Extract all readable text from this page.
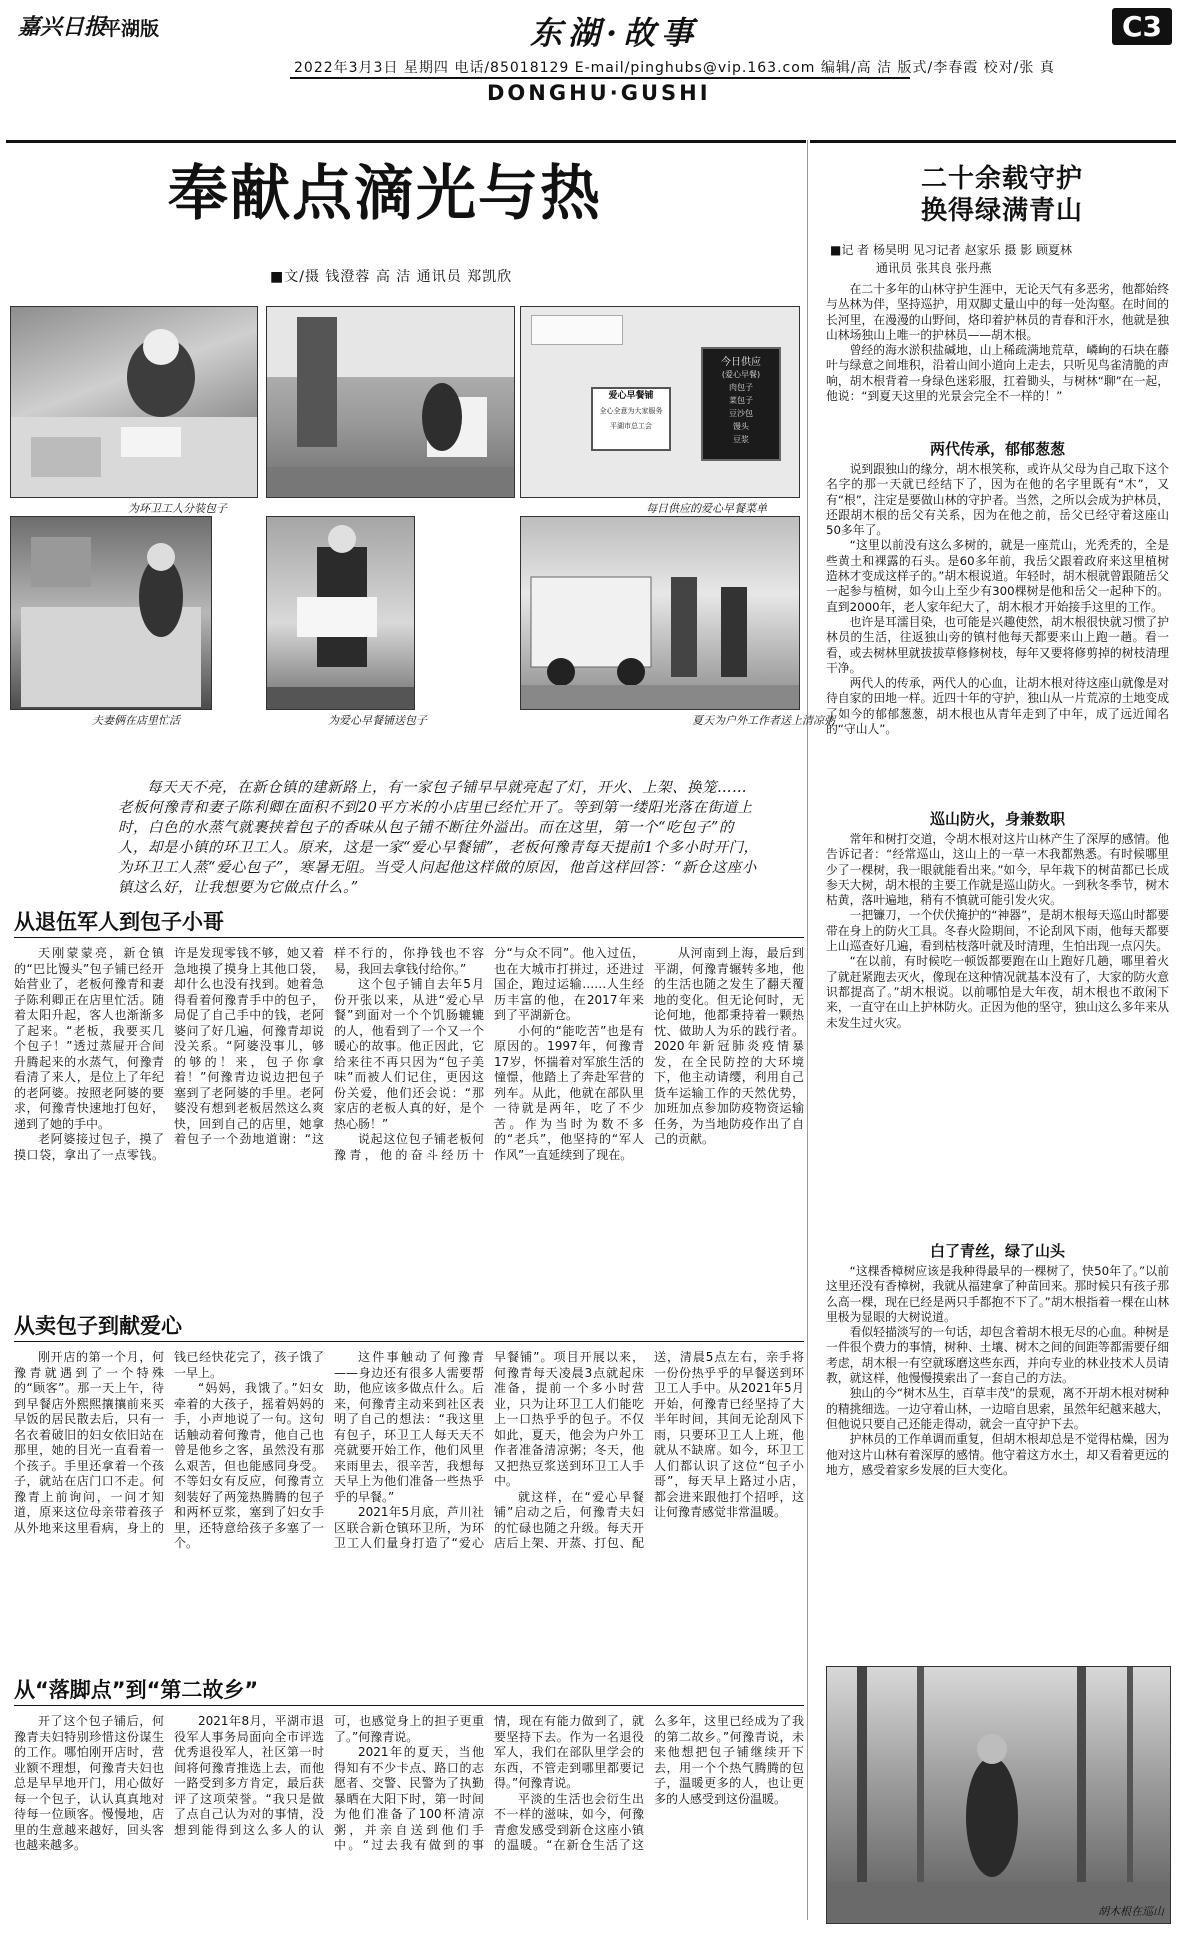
嘉兴日报
平湖版	东湖·故事	C3
2022年3月3日 星期四 电话/85018129 E-mail/pinghubs@vip.163.com 编辑/高 洁 版式/李春霞 校对/张 真
DONGHU·GUSHI
奉献点滴光与热
■文/摄 钱澄蓉 高 洁 通讯员 郑凯欣
为环卫工人分装包子
今日供应
(爱心早餐)
肉包子
菜包子
豆沙包
馒头
豆浆
爱心早餐铺
全心全意为大家服务
平湖市总工会
每日供应的爱心早餐菜单
夫妻俩在店里忙活	为爱心早餐铺送包子	夏天为户外工作者送上清凉粥
每天天不亮，在新仓镇的建新路上，有一家包子铺早早就亮起了灯，开火、上架、换笼……老板何豫青和妻子陈利卿在面积不到20平方米的小店里已经忙开了。等到第一缕阳光落在街道上时，白色的水蒸气就裹挟着包子的香味从包子铺不断往外溢出。而在这里，第一个“吃包子”的人，却是小镇的环卫工人。原来，这是一家“爱心早餐铺”，老板何豫青每天提前1个多小时开门，为环卫工人蒸“爱心包子”，寒暑无阻。当受人问起他这样做的原因，他首这样回答：“新仓这座小镇这么好，让我想要为它做点什么。”
从退伍军人到包子小哥

天刚蒙蒙亮，新仓镇的“巴比馒头”包子铺已经开始营业了，老板何豫青和妻子陈利卿正在店里忙活。随着太阳升起，客人也渐渐多了起来。“老板，我要买几个包子！”透过蒸屉开合间升腾起来的水蒸气，何豫青看清了来人，是位上了年纪的老阿婆。按照老阿婆的要求，何豫青快速地打包好，递到了她的手中。

老阿婆接过包子，摸了摸口袋，拿出了一点零钱。许是发现零钱不够，她又着急地摸了摸身上其他口袋，却什么也没有找到。她着急得看着何豫青手中的包子，局促了自己手中的钱，老阿婆问了好几遍，何豫青却说没关系。“阿婆没事儿，够的够的！来，包子你拿着！”何豫青边说边把包子塞到了老阿婆的手里。老阿婆没有想到老板居然这么爽快，回到自己的店里，她拿着包子一个劲地道谢：“这样不行的，你挣钱也不容易，我回去拿钱付给你。”

这个包子铺自去年5月份开张以来，从进“爱心早餐”到面对一个个饥肠辘辘的人，他看到了一个又一个暖心的故事。他正因此，它给来往不再只因为“包子美味”而被人们记住，更因这份关爱，他们还会说：“那家店的老板人真的好，是个热心肠！”

说起这位包子铺老板何豫青，他的奋斗经历十分“与众不同”。他入过伍，也在大城市打拼过，还进过国企，跑过运输……人生经历丰富的他，在2017年来到了平湖新仓。

小何的“能吃苦”也是有原因的。1997年，何豫青17岁，怀揣着对军旅生活的憧憬，他踏上了奔赴军营的列车。从此，他就在部队里一待就是两年，吃了不少苦。作为当时为数不多的“老兵”，他坚持的“军人作风”一直延续到了现在。

从河南到上海，最后到平湖，何豫青辗转多地，他的生活也随之发生了翻天覆地的变化。但无论何时，无论何地，他都秉持着一颗热忱、做助人为乐的践行者。2020年新冠肺炎疫情暴发，在全民防控的大环境下，他主动请缨，利用自己货车运输工作的天然优势，加班加点参加防疫物资运输任务，为当地防疫作出了自己的贡献。

从卖包子到献爱心

刚开店的第一个月，何豫青就遇到了一个特殊的“顾客”。那一天上午，待到早餐店外熙熙攘攘前来买早饭的居民散去后，只有一名衣着破旧的妇女依旧站在那里，她的目光一直看着一个孩子。手里还拿着一个孩子，就站在店门口不走。何豫青上前询问，一问才知道，原来这位母亲带着孩子从外地来这里看病，身上的钱已经快花完了，孩子饿了一早上。

“妈妈，我饿了。”妇女牵着的大孩子，摇着妈妈的手，小声地说了一句。这句话触动着何豫青，他自己也曾是他乡之客，虽然没有那么艰苦，但也能感同身受。不等妇女有反应，何豫青立刻装好了两笼热腾腾的包子和两杯豆浆，塞到了妇女手里，还特意给孩子多塞了一个。

这件事触动了何豫青——身边还有很多人需要帮助，他应该多做点什么。后来，何豫青主动来到社区表明了自己的想法：“我这里有包子，环卫工人每天天不亮就要开始工作，他们风里来雨里去，很辛苦，我想每天早上为他们准备一些热乎乎的早餐。”

2021年5月底，芦川社区联合新仓镇环卫所，为环卫工人们量身打造了“爱心早餐铺”。项目开展以来，何豫青每天凌晨3点就起床准备，提前一个多小时营业，只为让环卫工人们能吃上一口热乎乎的包子。不仅如此，夏天，他会为户外工作者准备清凉粥；冬天，他又把热豆浆送到环卫工人手中。

就这样，在“爱心早餐铺”启动之后，何豫青夫妇的忙碌也随之升级。每天开店后上架、开蒸、打包、配送，清晨5点左右，亲手将一份份热乎乎的早餐送到环卫工人手中。从2021年5月开始，何豫青已经坚持了大半年时间，其间无论刮风下雨，只要环卫工人上班，他就从不缺席。如今，环卫工人们都认识了这位“包子小哥”，每天早上路过小店，都会进来跟他打个招呼，这让何豫青感觉非常温暖。

从“落脚点”到“第二故乡”

开了这个包子铺后，何豫青夫妇特别珍惜这份谋生的工作。哪怕刚开店时，营业额不理想，何豫青夫妇也总是早早地开门，用心做好每一个包子，认认真真地对待每一位顾客。慢慢地，店里的生意越来越好，回头客也越来越多。

2021年8月，平湖市退役军人事务局面向全市评选优秀退役军人，社区第一时间将何豫青推选上去，而他一路受到多方肯定，最后获评了这项荣誉。“我只是做了点自己认为对的事情，没想到能得到这么多人的认可，也感觉身上的担子更重了。”何豫青说。

2021年的夏天，当他得知有不少卡点、路口的志愿者、交警、民警为了执勤暴晒在大阳下时，第一时间为他们准备了100杯清凉粥，并亲自送到他们手中。“过去我有做到的事情，现在有能力做到了，就要坚持下去。作为一名退役军人，我们在部队里学会的东西，不管走到哪里都要记得。”何豫青说。

平淡的生活也会衍生出不一样的滋味，如今，何豫青愈发感受到新仓这座小镇的温暖。“在新仓生活了这么多年，这里已经成为了我的第二故乡。”何豫青说，未来他想把包子铺继续开下去，用一个个热气腾腾的包子，温暖更多的人，也让更多的人感受到这份温暖。

二十余载守护
换得绿满青山
■记 者 杨昊明 见习记者 赵家乐 摄 影 顾夏林
通讯员 张其良 张丹燕

在二十多年的山林守护生涯中，无论天气有多恶劣，他都始终与丛林为伴，坚持巡护，用双脚丈量山中的每一处沟壑。在时间的长河里，在漫漫的山野间，烙印着护林员的青春和汗水，他就是独山林场独山上唯一的护林员——胡木根。

曾经的海水淤积盐碱地，山上稀疏满地荒草，嶙峋的石块在藤叶与绿意之间堆积，沿着山间小道向上走去，只听见鸟雀清脆的声响，胡木根背着一身绿色迷彩服，扛着锄头，与树林“聊”在一起，他说：“到夏天这里的光景会完全不一样的！”

两代传承，郁郁葱葱

说到跟独山的缘分，胡木根笑称，或许从父母为自己取下这个名字的那一天就已经结下了，因为在他的名字里既有“木”，又有“根”，注定是要做山林的守护者。当然，之所以会成为护林员，还跟胡木根的岳父有关系，因为在他之前，岳父已经守着这座山50多年了。

“这里以前没有这么多树的，就是一座荒山，光秃秃的，全是些黄土和裸露的石头。是60多年前，我岳父跟着政府来这里植树造林才变成这样子的。”胡木根说道。年轻时，胡木根就曾跟随岳父一起参与植树，如今山上至少有300棵树是他和岳父一起种下的。直到2000年，老人家年纪大了，胡木根才开始接手这里的工作。

也许是耳濡目染，也可能是兴趣使然，胡木根很快就习惯了护林员的生活，往返独山旁的镇村他每天都要来山上跑一趟。看一看，或去树林里就拔拔草修修树枝，每年又要将修剪掉的树枝清理干净。

两代人的传承，两代人的心血，让胡木根对待这座山就像是对待自家的田地一样。近四十年的守护，独山从一片荒凉的土地变成了如今的郁郁葱葱，胡木根也从青年走到了中年，成了远近闻名的“守山人”。

巡山防火，身兼数职

常年和树打交道，令胡木根对这片山林产生了深厚的感情。他告诉记者：“经常巡山，这山上的一草一木我都熟悉。有时候哪里少了一棵树，我一眼就能看出来。”如今，早年栽下的树苗都已长成参天大树，胡木根的主要工作就是巡山防火。一到秋冬季节，树木枯黄，落叶遍地，稍有不慎就可能引发火灾。

一把镰刀，一个伏伏掩护的“神器”，是胡木根每天巡山时都要带在身上的防火工具。冬春火险期间，不论刮风下雨，他每天都要上山巡查好几遍，看到枯枝落叶就及时清理，生怕出现一点闪失。

“在以前，有时候吃一顿饭都要跑在山上跑好几趟，哪里着火了就赶紧跑去灭火，像现在这种情况就基本没有了，大家的防火意识都提高了。”胡木根说。以前哪怕是大年夜，胡木根也不敢闲下来，一直守在山上护林防火。正因为他的坚守，独山这么多年来从未发生过火灾。

白了青丝，绿了山头

“这棵香樟树应该是我种得最早的一棵树了，快50年了。”以前这里还没有香樟树，我就从福建拿了种苗回来。那时候只有孩子那么高一棵，现在已经是两只手都抱不下了。”胡木根指着一棵在山林里极为显眼的大树说道。

看似轻描淡写的一句话，却包含着胡木根无尽的心血。种树是一件很个费力的事情，树种、土壤、树木之间的间距等都需要仔细考虑，胡木根一有空就琢磨这些东西，并向专业的林业技术人员请教，就这样，他慢慢摸索出了一套自己的方法。

独山的今“树木丛生，百草丰茂”的景观，离不开胡木根对树种的精挑细选。一边守着山林，一边暗自思索，虽然年纪越来越大，但他说只要自己还能走得动，就会一直守护下去。

护林员的工作单调而重复，但胡木根却总是不觉得枯燥，因为他对这片山林有着深厚的感情。他守着这方水土，却又看着更远的地方，感受着家乡发展的巨大变化。

胡木根在巡山
